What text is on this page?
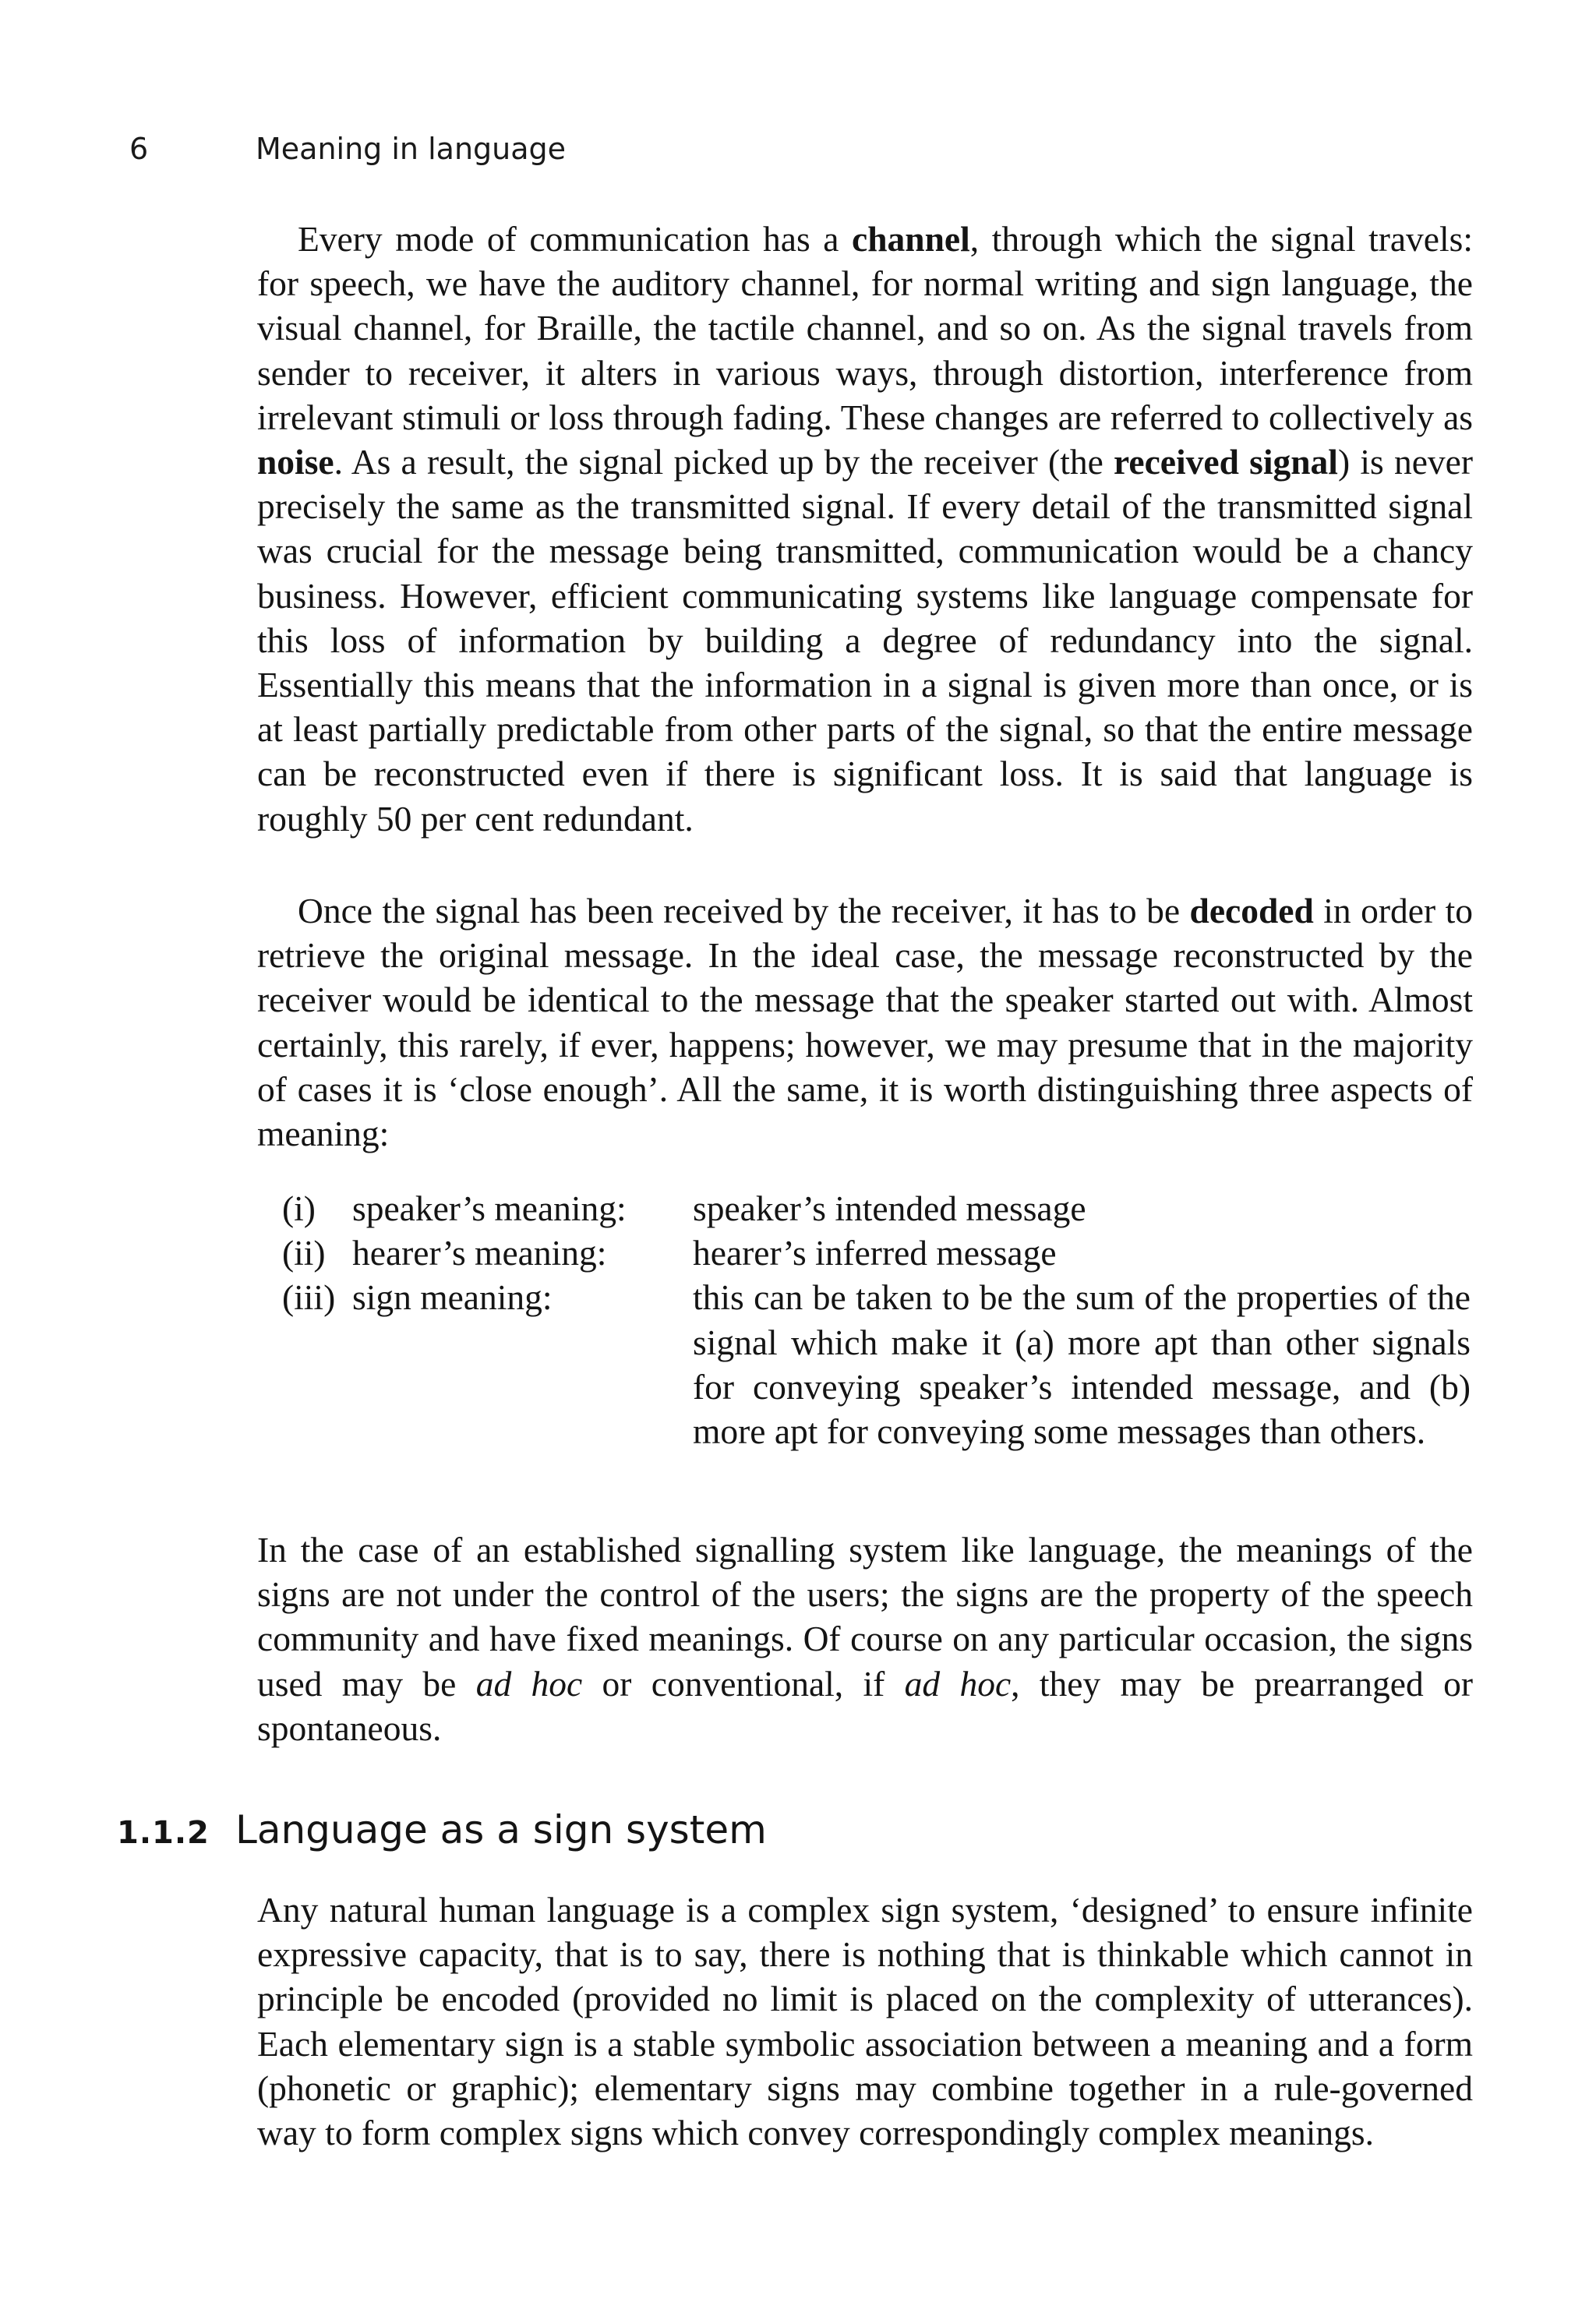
6	Meaning in language

Every mode of communication has a channel, through which the signal travels: for speech, we have the auditory channel, for normal writing and sign language, the visual channel, for Braille, the tactile channel, and so on. As the signal travels from sender to receiver, it alters in various ways, through distortion, interference from irrelevant stimuli or loss through fading. These changes are referred to collectively as noise. As a result, the signal picked up by the receiver (the received signal) is never precisely the same as the transmitted signal. If every detail of the transmitted signal was crucial for the message being transmitted, communication would be a chancy business. However, efficient communicating systems like language compensate for this loss of information by building a degree of redundancy into the signal. Essentially this means that the information in a signal is given more than once, or is at least partially predictable from other parts of the signal, so that the entire message can be reconstructed even if there is significant loss. It is said that language is roughly 50 per cent redundant.

Once the signal has been received by the receiver, it has to be decoded in order to retrieve the original message. In the ideal case, the message reconstructed by the receiver would be identical to the message that the speaker started out with. Almost certainly, this rarely, if ever, happens; however, we may presume that in the majority of cases it is ‘close enough’. All the same, it is worth distinguishing three aspects of meaning:

(i) speaker’s meaning:	speaker’s intended message
(ii) hearer’s meaning:	hearer’s inferred message
(iii) sign meaning:	this can be taken to be the sum of the properties of the signal which make it (a) more apt than other signals for conveying speaker’s intended message, and (b) more apt for conveying some messages than others.

In the case of an established signalling system like language, the meanings of the signs are not under the control of the users; the signs are the property of the speech community and have fixed meanings. Of course on any particular occasion, the signs used may be ad hoc or conventional, if ad hoc, they may be prearranged or spontaneous.

1.1.2 Language as a sign system

Any natural human language is a complex sign system, ‘designed’ to ensure infinite expressive capacity, that is to say, there is nothing that is thinkable which cannot in principle be encoded (provided no limit is placed on the complexity of utterances). Each elementary sign is a stable symbolic association between a meaning and a form (phonetic or graphic); elementary signs may combine together in a rule-governed way to form complex signs which convey correspondingly complex meanings.
